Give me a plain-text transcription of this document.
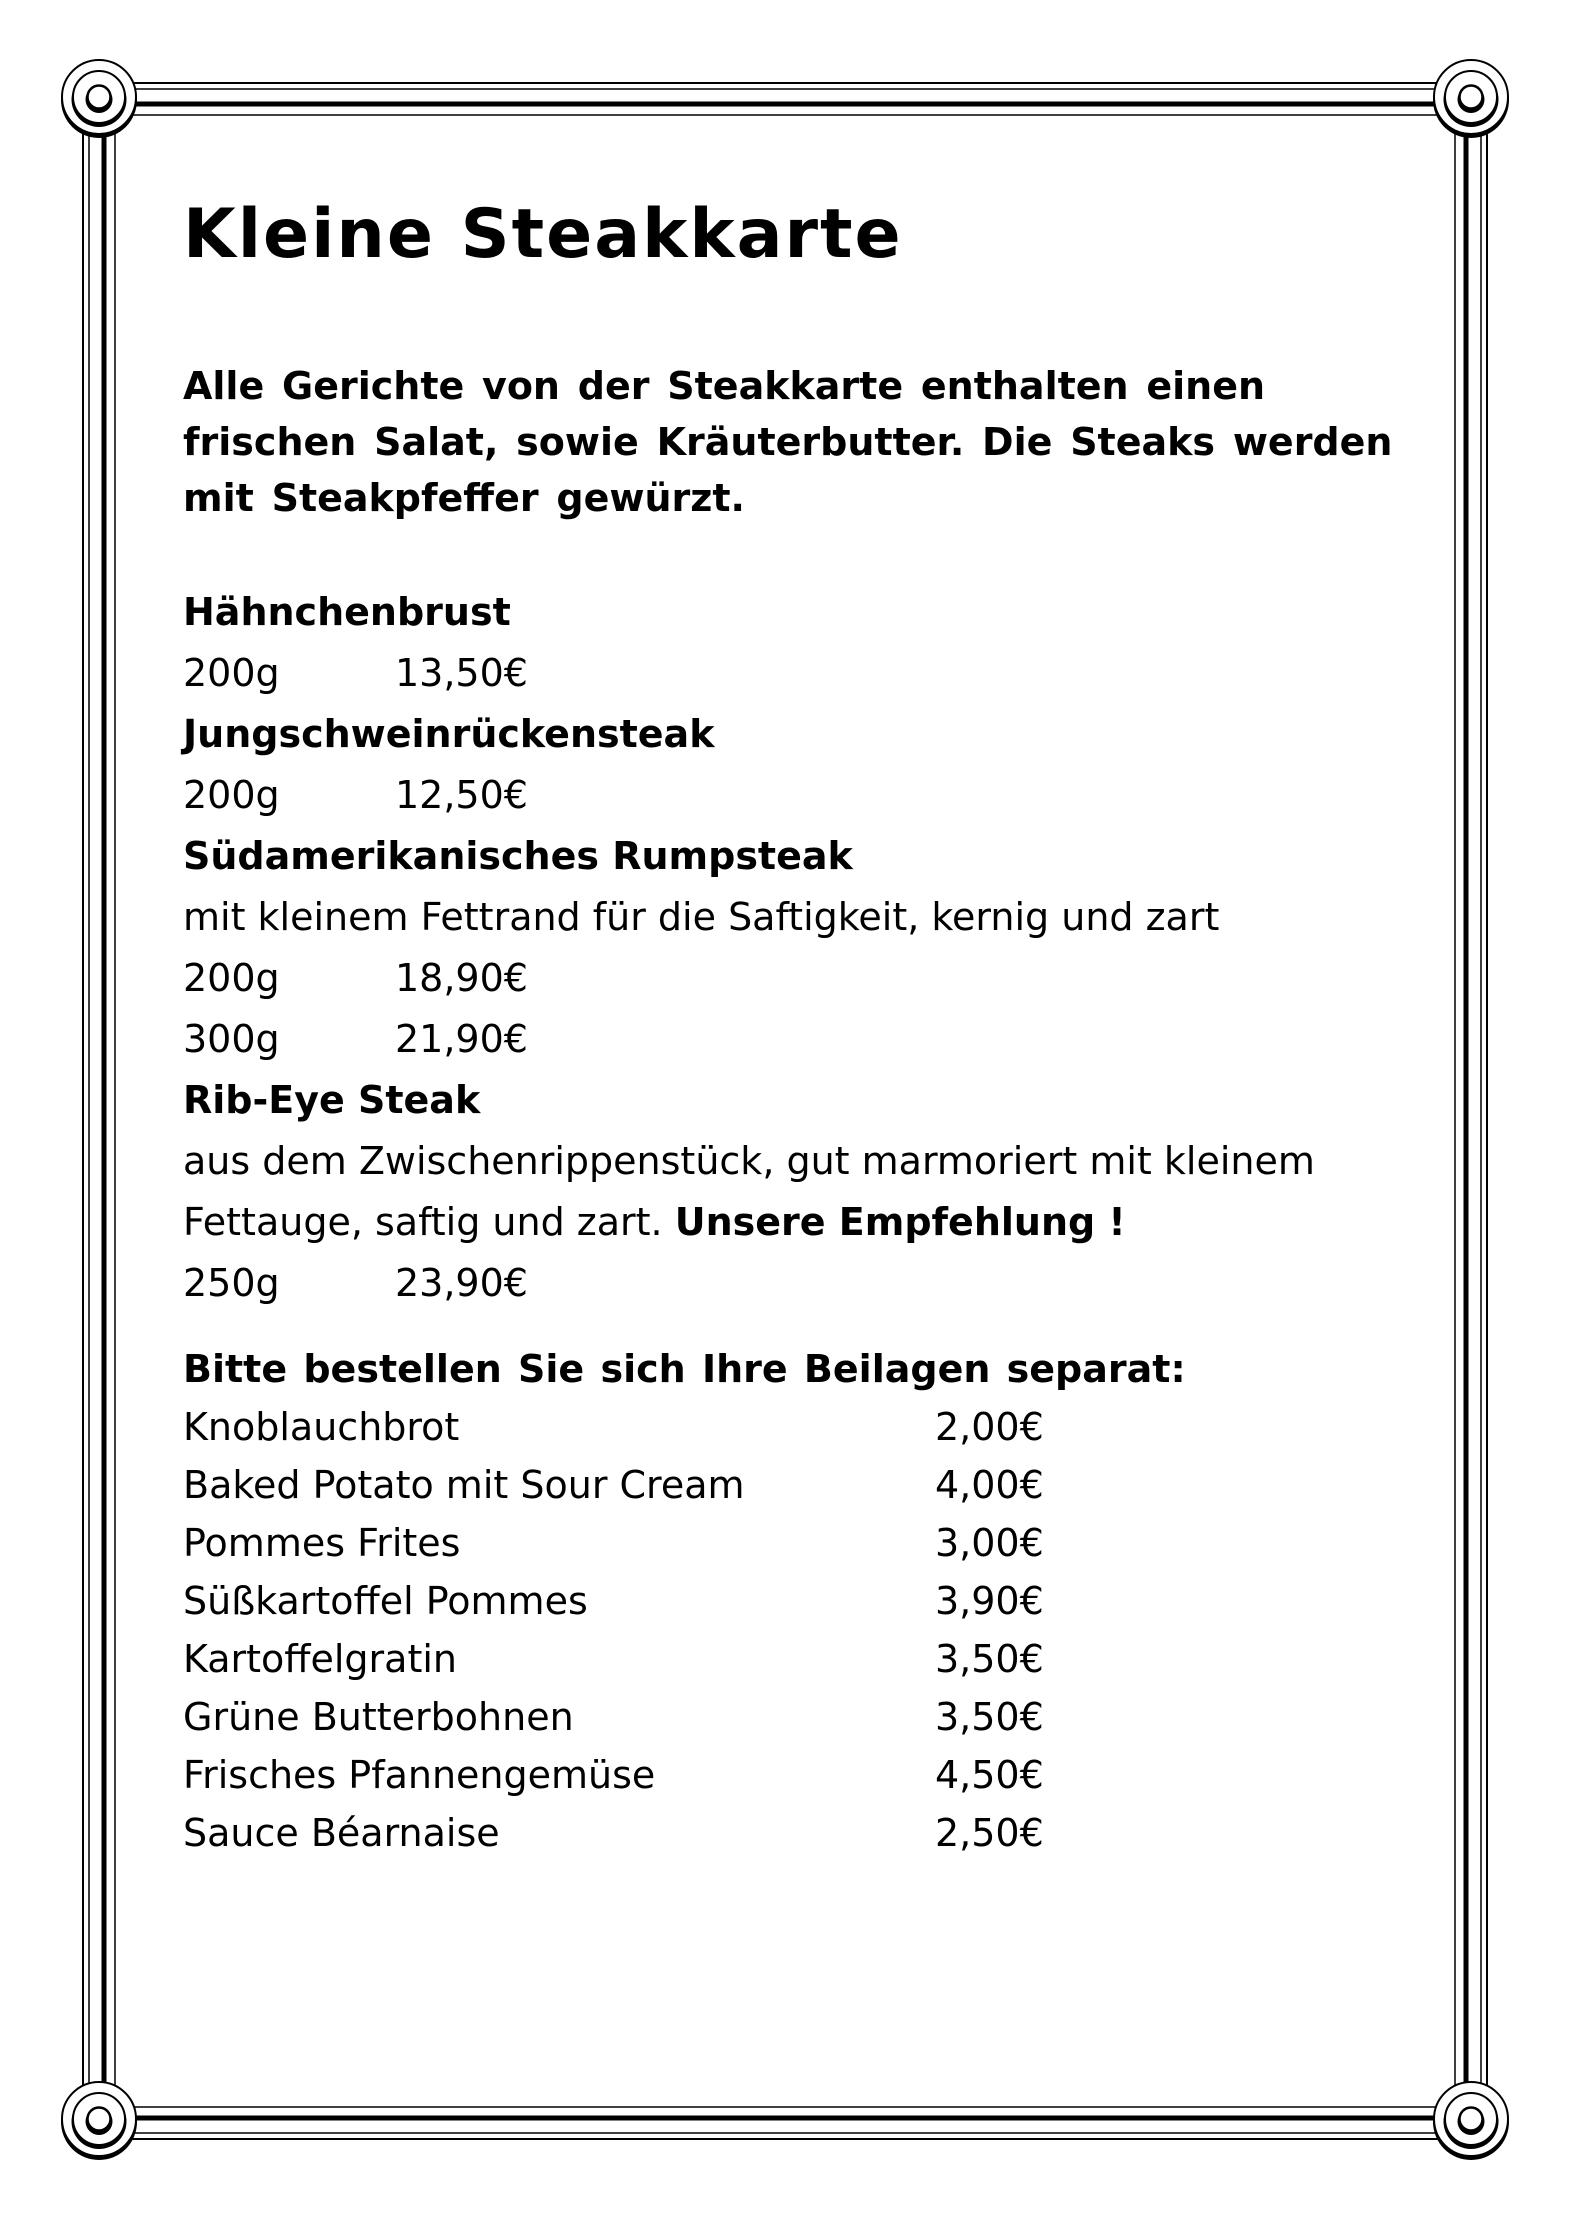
Kleine Steakkarte
Alle Gerichte von der Steakkarte enthalten einen
frischen Salat, sowie Kräuterbutter. Die Steaks werden
mit Steakpfeffer gewürzt.
Hähnchenbrust
200g	13,50€
Jungschweinrückensteak
200g	12,50€
Südamerikanisches Rumpsteak
mit kleinem Fettrand für die Saftigkeit, kernig und zart
200g	18,90€
300g	21,90€
Rib-Eye Steak
aus dem Zwischenrippenstück, gut marmoriert mit kleinem
Fettauge, saftig und zart. Unsere Empfehlung !
250g	23,90€
Bitte bestellen Sie sich Ihre Beilagen separat:
Knoblauchbrot	2,00€
Baked Potato mit Sour Cream	4,00€
Pommes Frites	3,00€
Süßkartoffel Pommes	3,90€
Kartoffelgratin	3,50€
Grüne Butterbohnen	3,50€
Frisches Pfannengemüse	4,50€
Sauce Béarnaise	2,50€
